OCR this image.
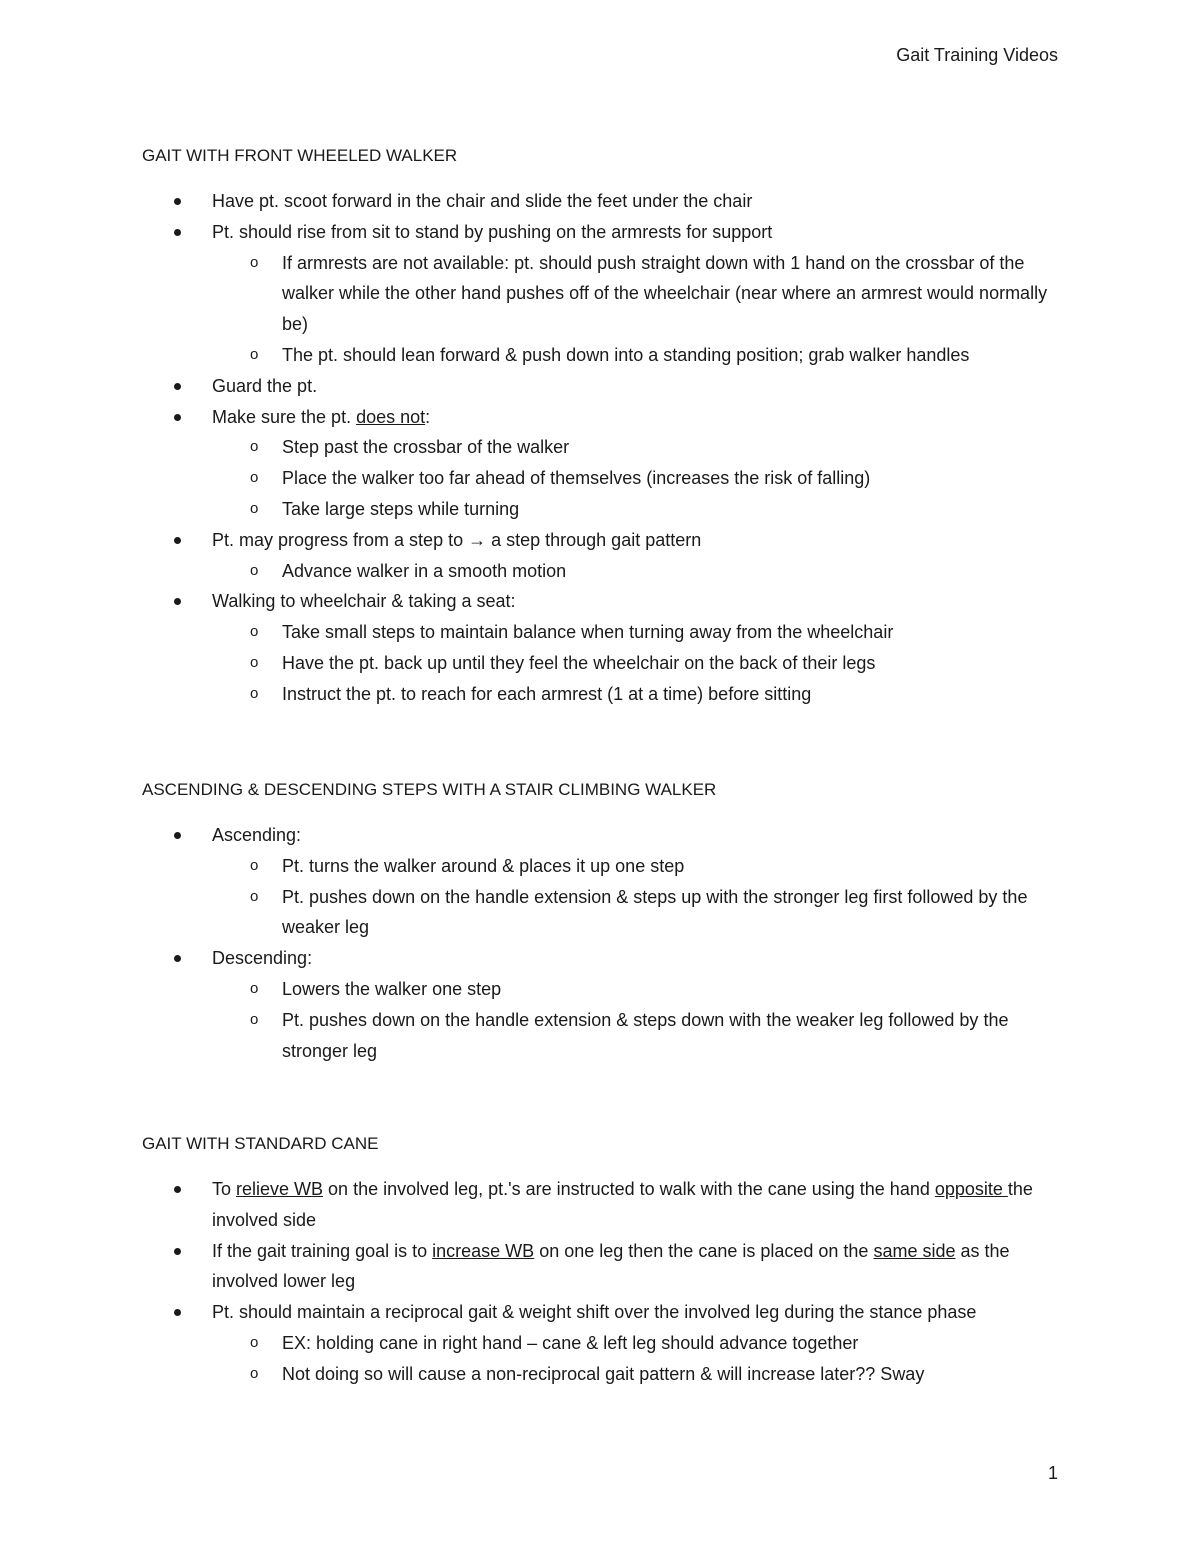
Gait Training Videos
GAIT WITH FRONT WHEELED WALKER
Have pt. scoot forward in the chair and slide the feet under the chair
Pt. should rise from sit to stand by pushing on the armrests for support
o If armrests are not available: pt. should push straight down with 1 hand on the crossbar of the walker while the other hand pushes off of the wheelchair (near where an armrest would normally be)
o The pt. should lean forward & push down into a standing position; grab walker handles
Guard the pt.
Make sure the pt. does not:
o Step past the crossbar of the walker
o Place the walker too far ahead of themselves (increases the risk of falling)
o Take large steps while turning
Pt. may progress from a step to → a step through gait pattern
o Advance walker in a smooth motion
Walking to wheelchair & taking a seat:
o Take small steps to maintain balance when turning away from the wheelchair
o Have the pt. back up until they feel the wheelchair on the back of their legs
o Instruct the pt. to reach for each armrest (1 at a time) before sitting
ASCENDING & DESCENDING STEPS WITH A STAIR CLIMBING WALKER
Ascending:
o Pt. turns the walker around & places it up one step
o Pt. pushes down on the handle extension & steps up with the stronger leg first followed by the weaker leg
Descending:
o Lowers the walker one step
o Pt. pushes down on the handle extension & steps down with the weaker leg followed by the stronger leg
GAIT WITH STANDARD CANE
To relieve WB on the involved leg, pt.'s are instructed to walk with the cane using the hand opposite the involved side
If the gait training goal is to increase WB on one leg then the cane is placed on the same side as the involved lower leg
Pt. should maintain a reciprocal gait & weight shift over the involved leg during the stance phase
o EX: holding cane in right hand – cane & left leg should advance together
o Not doing so will cause a non-reciprocal gait pattern & will increase later?? Sway
1
